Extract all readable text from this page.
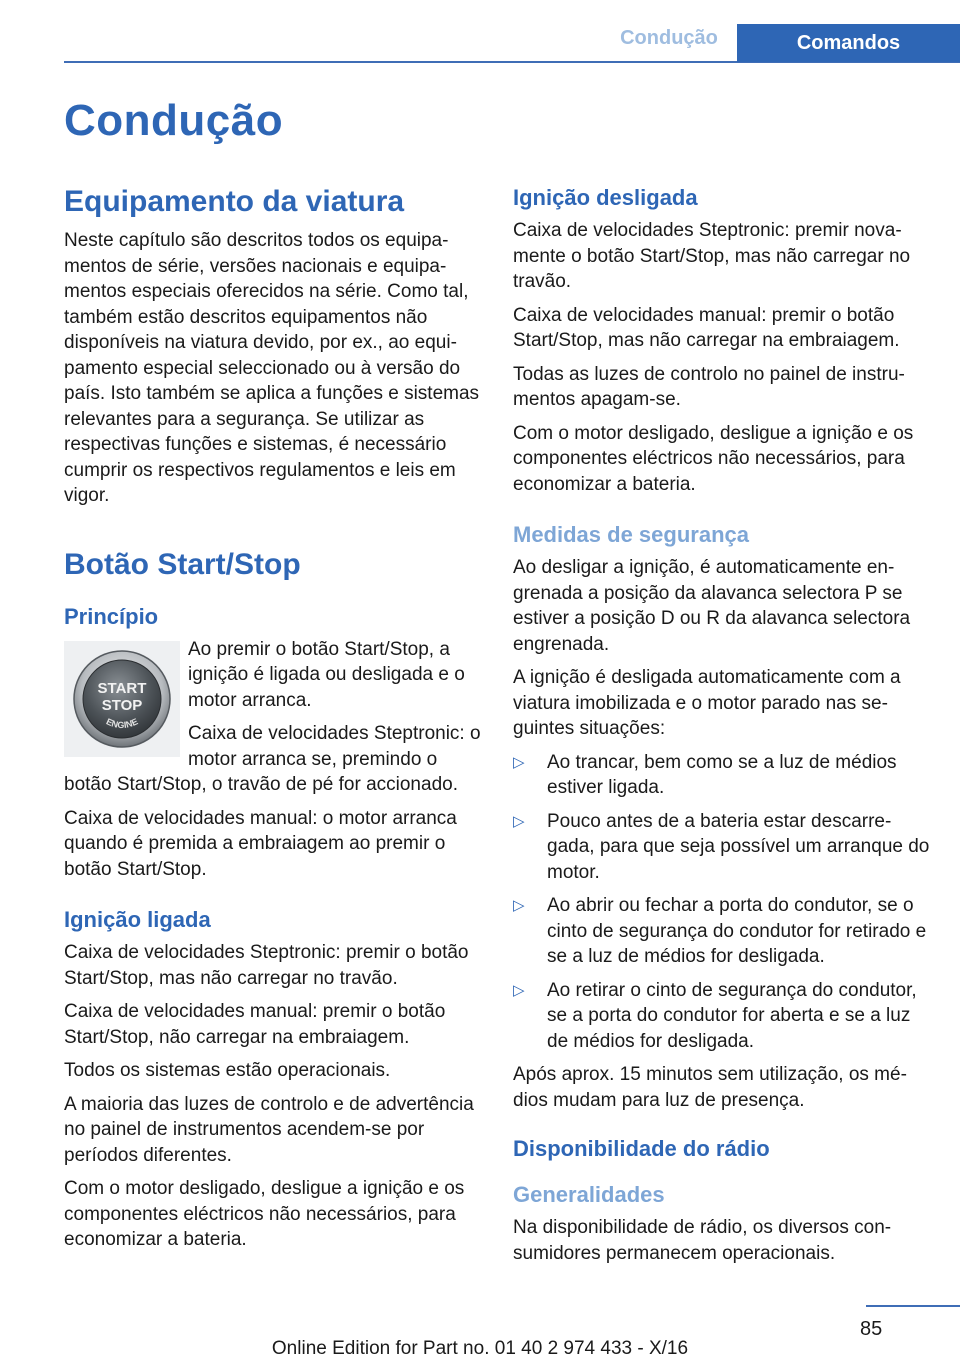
Condução	Comandos
Condução
Equipamento da viatura

Neste capítulo são descritos todos os equipamentos de série, versões nacionais e equipamentos especiais oferecidos na série. Como tal, também estão descritos equipamentos não disponíveis na viatura devido, por ex., ao equipamento especial seleccionado ou à versão do país. Isto também se aplica a funções e sistemas relevantes para a segurança. Se utilizar as respectivas funções e sistemas, é necessário cumprir os respectivos regulamentos e leis em vigor.

Botão Start/Stop
Princípio
START
STOP
ENGINE

Ao premir o botão Start/Stop, a ignição é ligada ou desligada e o motor arranca.

Caixa de velocidades Steptronic: o motor arranca se, premindo o botão Start/Stop, o travão de pé for accionado.

Caixa de velocidades manual: o motor arranca quando é premida a embraiagem ao premir o botão Start/Stop.

Ignição ligada

Caixa de velocidades Steptronic: premir o botão Start/Stop, mas não carregar no travão.

Caixa de velocidades manual: premir o botão Start/Stop, não carregar na embraiagem.

Todos os sistemas estão operacionais.

A maioria das luzes de controlo e de advertência no painel de instrumentos acendem-se por períodos diferentes.

Com o motor desligado, desligue a ignição e os componentes eléctricos não necessários, para economizar a bateria.

Ignição desligada

Caixa de velocidades Steptronic: premir novamente o botão Start/Stop, mas não carregar no travão.

Caixa de velocidades manual: premir o botão Start/Stop, mas não carregar na embraiagem.

Todas as luzes de controlo no painel de instrumentos apagam-se.

Com o motor desligado, desligue a ignição e os componentes eléctricos não necessários, para economizar a bateria.

Medidas de segurança

Ao desligar a ignição, é automaticamente engrenada a posição da alavanca selectora P se estiver a posição D ou R da alavanca selectora engrenada.

A ignição é desligada automaticamente com a viatura imobilizada e o motor parado nas seguintes situações:

▷ Ao trancar, bem como se a luz de médios estiver ligada.
▷ Pouco antes de a bateria estar descarregada, para que seja possível um arranque do motor.
▷ Ao abrir ou fechar a porta do condutor, se o cinto de segurança do condutor for retirado e se a luz de médios for desligada.
▷ Ao retirar o cinto de segurança do condutor, se a porta do condutor for aberta e se a luz de médios for desligada.

Após aprox. 15 minutos sem utilização, os médios mudam para luz de presença.

Disponibilidade do rádio
Generalidades

Na disponibilidade de rádio, os diversos consumidores permanecem operacionais.

85
Online Edition for Part no. 01 40 2 974 433 - X/16
